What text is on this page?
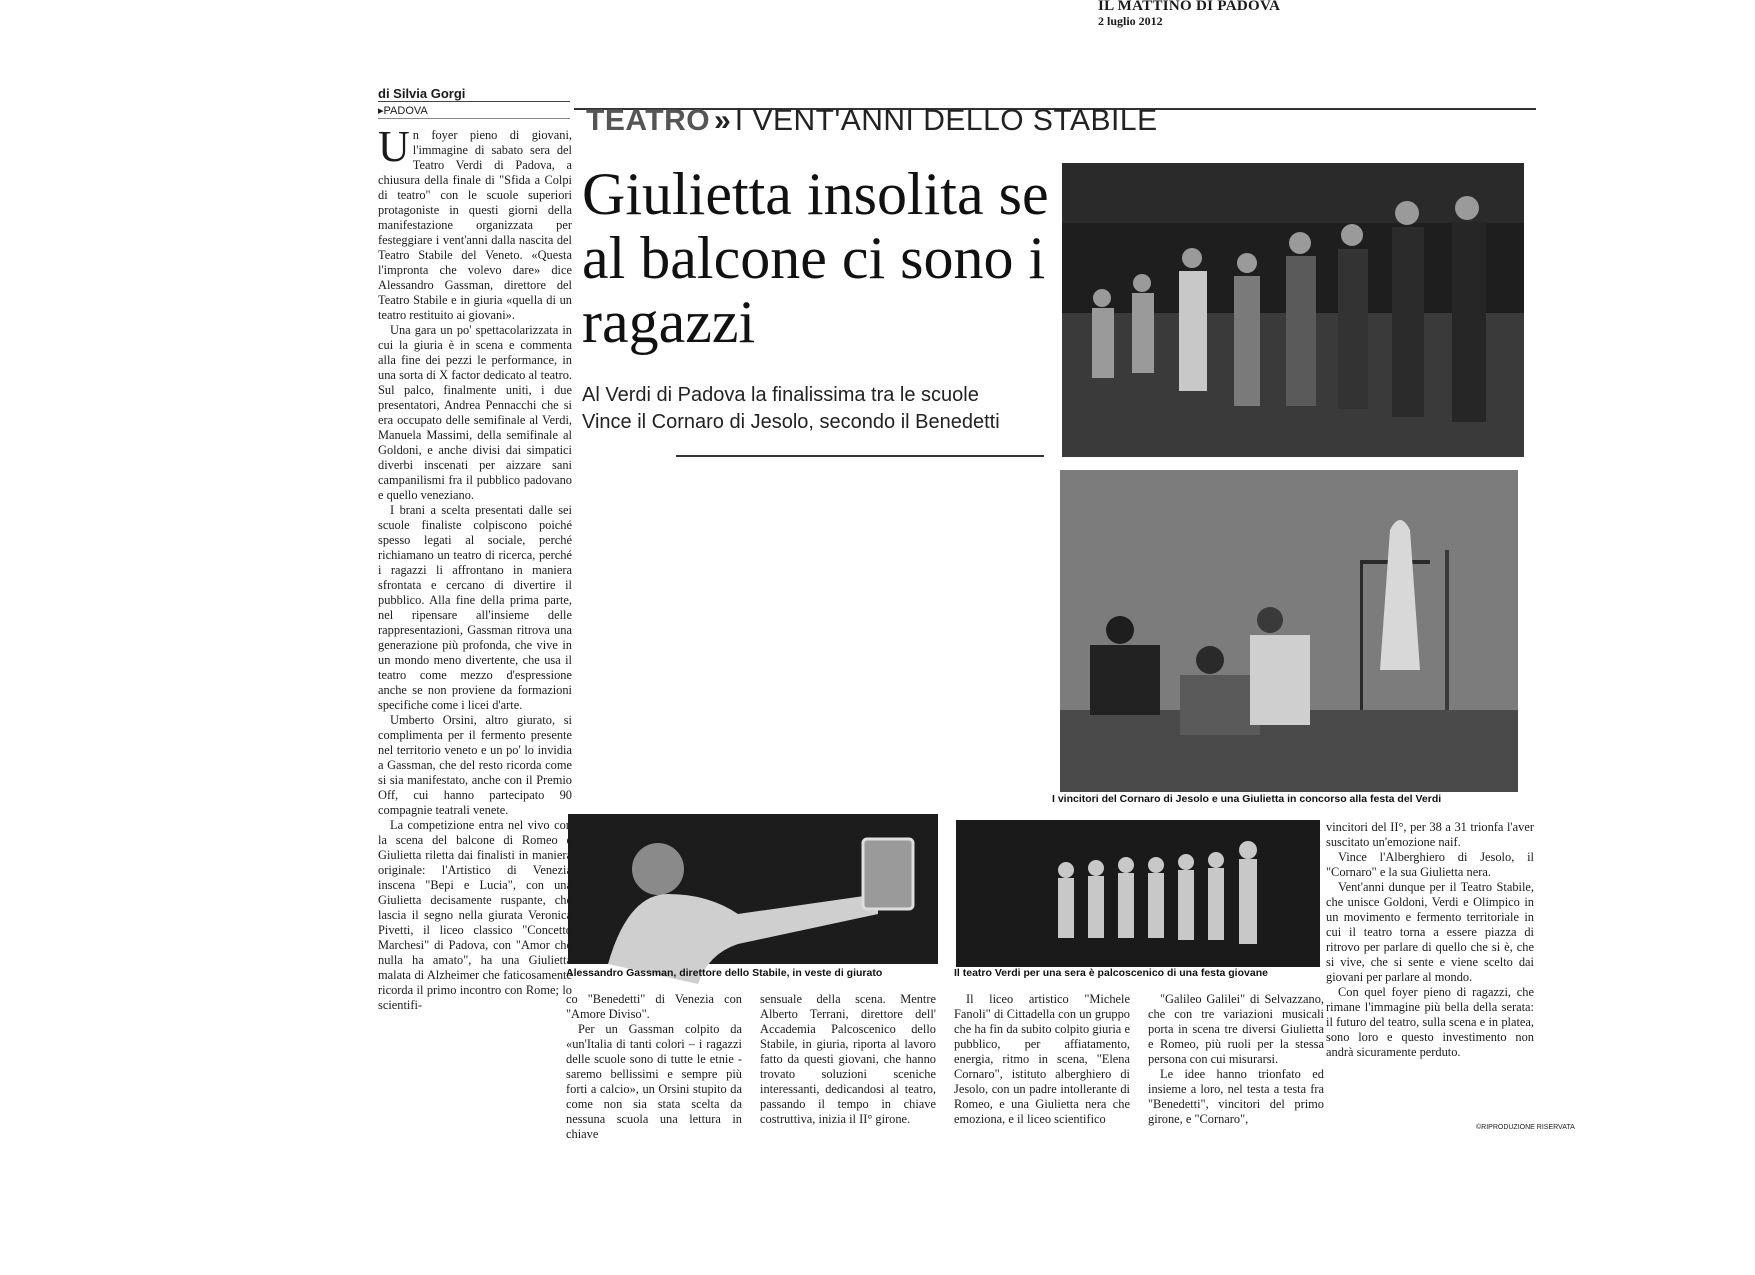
IL MATTINO DI PADOVA
2 luglio 2012
di Silvia Gorgi
▸ PADOVA	TEATRO » I VENT'ANNI DELLO STABILE
Giulietta insolita se al balcone ci sono i ragazzi
Al Verdi di Padova la finalissima tra le scuole
Vince il Cornaro di Jesolo, secondo il Benedetti
I vincitori del Cornaro di Jesolo e una Giulietta in concorso alla festa del Verdi
Alessandro Gassman, direttore dello Stabile, in veste di giurato	Il teatro Verdi per una sera è palcoscenico di una festa giovane

Un foyer pieno di giovani, l'immagine di sabato sera del Teatro Verdi di Padova, a chiusura della finale di "Sfida a Colpi di teatro" con le scuole superiori protagoniste in questi giorni della manifestazione organizzata per festeggiare i vent'anni dalla nascita del Teatro Stabile del Veneto. «Questa l'impronta che volevo dare» dice Alessandro Gassman, direttore del Teatro Stabile e in giuria «quella di un teatro restituito ai giovani».

Una gara un po' spettacolarizzata in cui la giuria è in scena e commenta alla fine dei pezzi le performance, in una sorta di X factor dedicato al teatro. Sul palco, finalmente uniti, i due presentatori, Andrea Pennacchi che si era occupato delle semifinale al Verdi, Manuela Massimi, della semifinale al Goldoni, e anche divisi dai simpatici diverbi inscenati per aizzare sani campanilismi fra il pubblico padovano e quello veneziano.

I brani a scelta presentati dalle sei scuole finaliste colpiscono poiché spesso legati al sociale, perché richiamano un teatro di ricerca, perché i ragazzi li affrontano in maniera sfrontata e cercano di divertire il pubblico. Alla fine della prima parte, nel ripensare all'insieme delle rappresentazioni, Gassman ritrova una generazione più profonda, che vive in un mondo meno divertente, che usa il teatro come mezzo d'espressione anche se non proviene da formazioni specifiche come i licei d'arte.

Umberto Orsini, altro giurato, si complimenta per il fermento presente nel territorio veneto e un po' lo invidia a Gassman, che del resto ricorda come si sia manifestato, anche con il Premio Off, cui hanno partecipato 90 compagnie teatrali venete.

La competizione entra nel vivo con la scena del balcone di Romeo e Giulietta riletta dai finalisti in maniera originale: l'Artistico di Venezia inscena "Bepi e Lucia", con una Giulietta decisamente ruspante, che lascia il segno nella giurata Veronica Pivetti, il liceo classico "Concetto Marchesi" di Padova, con "Amor che nulla ha amato", ha una Giulietta malata di Alzheimer che faticosamente ricorda il primo incontro con Rome; lo scientifi-	co "Benedetti" di Venezia con "Amore Diviso".

Per un Gassman colpito da «un'Italia di tanti colori – i ragazzi delle scuole sono di tutte le etnie - saremo bellissimi e sempre più forti a calcio», un Orsini stupito da come non sia stata scelta da nessuna scuola una lettura in chiave

sensuale della scena. Mentre Alberto Terrani, direttore dell' Accademia Palcoscenico dello Stabile, in giuria, riporta al lavoro fatto da questi giovani, che hanno trovato soluzioni sceniche interessanti, dedicandosi al teatro, passando il tempo in chiave costruttiva, inizia il II° girone.

Il liceo artistico "Michele Fanoli" di Cittadella con un gruppo che ha fin da subito colpito giuria e pubblico, per affiatamento, energia, ritmo in scena, "Elena Cornaro", istituto alberghiero di Jesolo, con un padre intollerante di Romeo, e una Giulietta nera che emoziona, e il liceo scientifico

"Galileo Galilei" di Selvazzano, che con tre variazioni musicali porta in scena tre diversi Giulietta e Romeo, più ruoli per la stessa persona con cui misurarsi.

Le idee hanno trionfato ed insieme a loro, nel testa a testa fra "Benedetti", vincitori del primo girone, e "Cornaro",

vincitori del II°, per 38 a 31 trionfa l'aver suscitato un'emozione naif.

Vince l'Alberghiero di Jesolo, il "Cornaro" e la sua Giulietta nera.

Vent'anni dunque per il Teatro Stabile, che unisce Goldoni, Verdi e Olimpico in un movimento e fermento territoriale in cui il teatro torna a essere piazza di ritrovo per parlare di quello che si è, che si vive, che si sente e viene scelto dai giovani per parlare al mondo.

Con quel foyer pieno di ragazzi, che rimane l'immagine più bella della serata: il futuro del teatro, sulla scena e in platea, sono loro e questo investimento non andrà sicuramente perduto.

©RIPRODUZIONE RISERVATA
